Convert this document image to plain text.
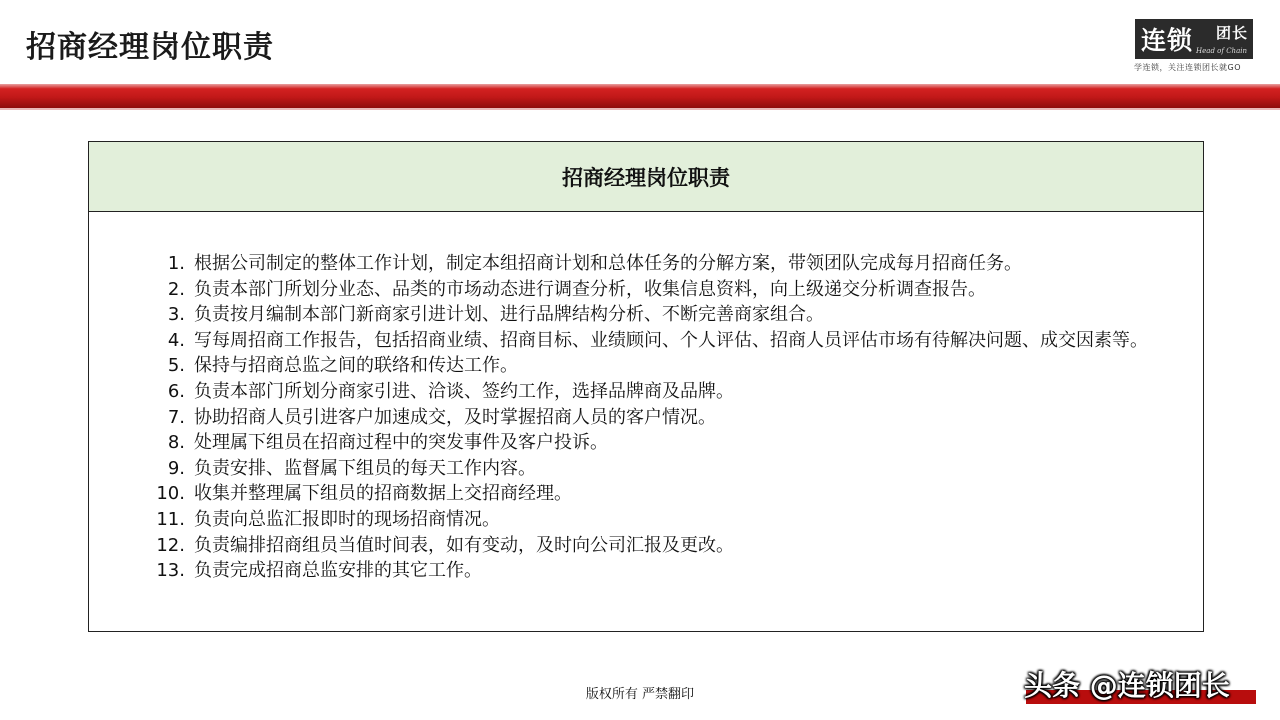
招商经理岗位职责	连锁 团长
Head of Chain
学连锁，关注连锁团长就GO
招商经理岗位职责
1. 根据公司制定的整体工作计划，制定本组招商计划和总体任务的分解方案，带领团队完成每月招商任务。
2. 负责本部门所划分业态、品类的市场动态进行调查分析，收集信息资料，向上级递交分析调查报告。
3. 负责按月编制本部门新商家引进计划、进行品牌结构分析、不断完善商家组合。
4. 写每周招商工作报告，包括招商业绩、招商目标、业绩顾问、个人评估、招商人员评估市场有待解决问题、成交因素等。
5. 保持与招商总监之间的联络和传达工作。
6. 负责本部门所划分商家引进、洽谈、签约工作，选择品牌商及品牌。
7. 协助招商人员引进客户加速成交，及时掌握招商人员的客户情况。
8. 处理属下组员在招商过程中的突发事件及客户投诉。
9. 负责安排、监督属下组员的每天工作内容。
10. 收集并整理属下组员的招商数据上交招商经理。
11. 负责向总监汇报即时的现场招商情况。
12. 负责编排招商组员当值时间表，如有变动，及时向公司汇报及更改。
13. 负责完成招商总监安排的其它工作。
版权所有 严禁翻印	头条 @连锁团长
